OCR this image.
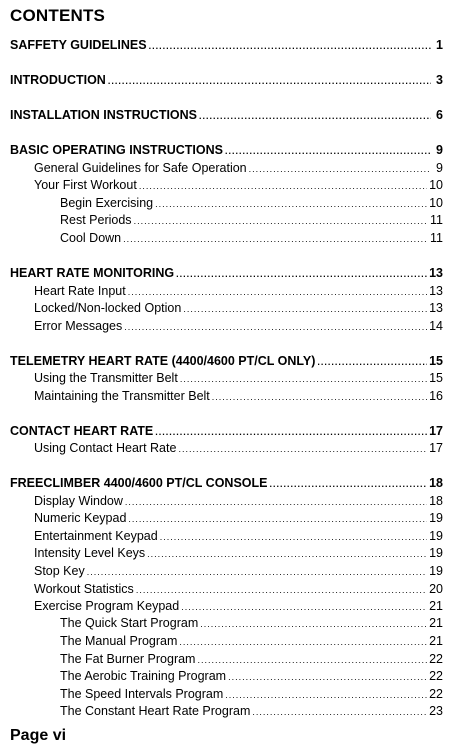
CONTENTS
SAFFETY GUIDELINES .....	1
INTRODUCTION .....	3
INSTALLATION INSTRUCTIONS .....	6
BASIC OPERATING INSTRUCTIONS .....	9
General Guidelines for Safe Operation .....	9
Your First Workout .....	10
Begin Exercising .....	10
Rest Periods .....	11
Cool Down .....	11
HEART RATE MONITORING .....	13
Heart Rate Input .....	13
Locked/Non-locked Option .....	13
Error Messages .....	14
TELEMETRY HEART RATE (4400/4600 PT/CL ONLY) .....	15
Using the Transmitter Belt .....	15
Maintaining the Transmitter Belt .....	16
CONTACT HEART RATE .....	17
Using Contact Heart Rate .....	17
FREECLIMBER 4400/4600 PT/CL CONSOLE .....	18
Display Window .....	18
Numeric Keypad .....	19
Entertainment Keypad .....	19
Intensity Level Keys .....	19
Stop Key .....	19
Workout Statistics .....	20
Exercise Program Keypad .....	21
The Quick Start Program .....	21
The Manual Program .....	21
The Fat Burner Program .....	22
The Aerobic Training Program .....	22
The Speed Intervals Program .....	22
The Constant Heart Rate Program .....	23
Page vi
